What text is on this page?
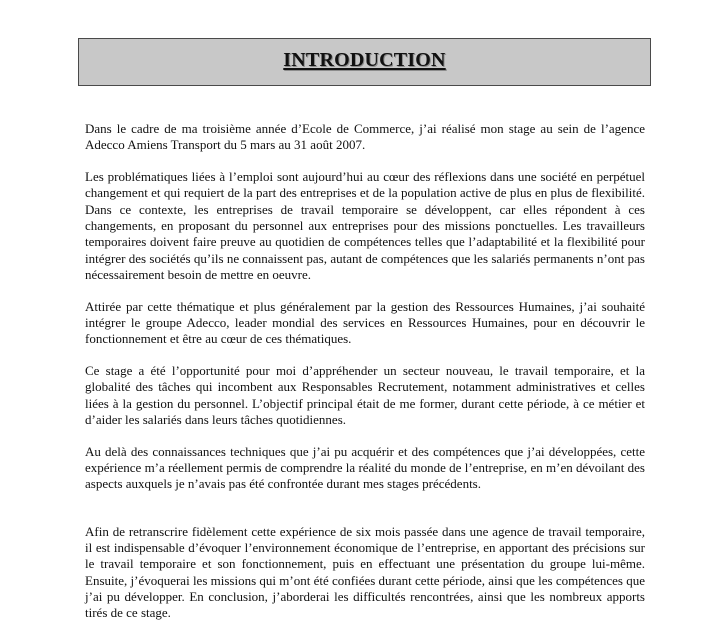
INTRODUCTION

Dans le cadre de ma troisième année d’Ecole de Commerce, j’ai réalisé mon stage au sein de l’agence Adecco Amiens Transport du 5 mars au 31 août 2007.

Les problématiques liées à l’emploi sont aujourd’hui au cœur des réflexions dans une société en perpétuel changement et qui requiert de la part des entreprises et de la population active de plus en plus de flexibilité. Dans ce contexte, les entreprises de travail temporaire se développent, car elles répondent à ces changements, en proposant du personnel aux entreprises pour des missions ponctuelles. Les travailleurs temporaires doivent faire preuve au quotidien de compétences telles que l’adaptabilité et la flexibilité pour intégrer des sociétés qu’ils ne connaissent pas, autant de compétences que les salariés permanents n’ont pas nécessairement besoin de mettre en oeuvre.

Attirée par cette thématique et plus généralement par la gestion des Ressources Humaines, j’ai souhaité intégrer le groupe Adecco, leader mondial des services en Ressources Humaines, pour en découvrir le fonctionnement et être au cœur de ces thématiques.

Ce stage a été l’opportunité pour moi d’appréhender un secteur nouveau, le travail temporaire, et la globalité des tâches qui incombent aux Responsables Recrutement, notamment administratives et celles liées à la gestion du personnel. L’objectif principal était de me former, durant cette période, à ce métier et d’aider les salariés dans leurs tâches quotidiennes.

Au delà des connaissances techniques que j’ai pu acquérir et des compétences que j’ai développées, cette expérience m’a réellement permis de comprendre la réalité du monde de l’entreprise, en m’en dévoilant des aspects auxquels je n’avais pas été confrontée durant mes stages précédents.

Afin de retranscrire fidèlement cette expérience de six mois passée dans une agence de travail temporaire, il est indispensable d’évoquer l’environnement économique de l’entreprise, en apportant des précisions sur le travail temporaire et son fonctionnement, puis en effectuant une présentation du groupe lui-même. Ensuite, j’évoquerai les missions qui m’ont été confiées durant cette période, ainsi que les compétences que j’ai pu développer. En conclusion, j’aborderai les difficultés rencontrées, ainsi que les nombreux apports tirés de ce stage.
